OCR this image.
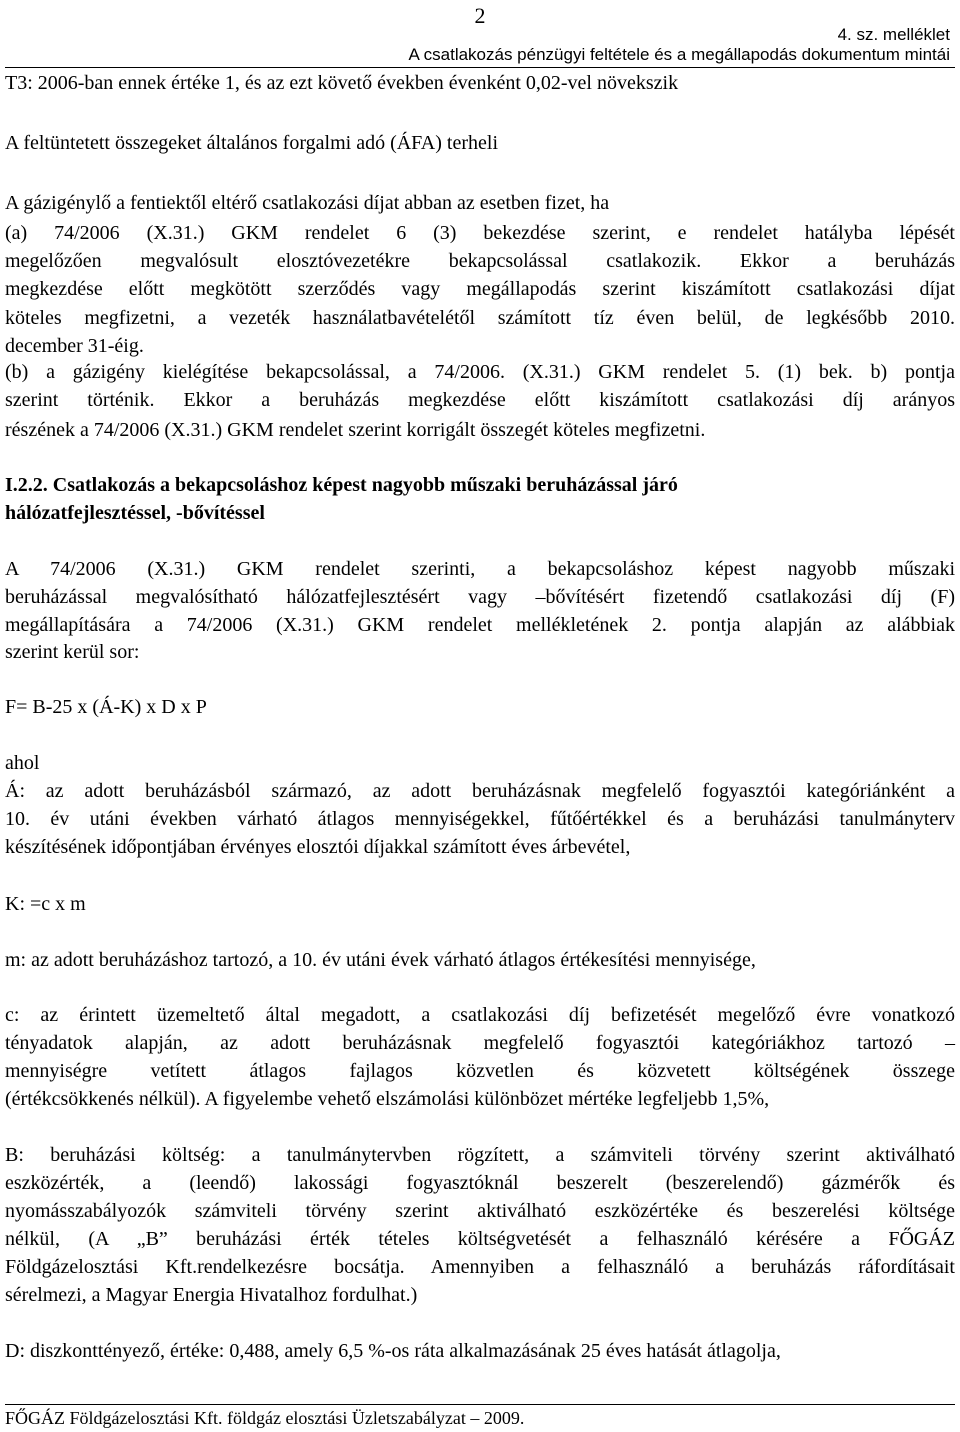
2
4. sz. melléklet
A csatlakozás pénzügyi feltétele és a megállapodás dokumentum mintái
T3: 2006-ban ennek értéke 1, és az ezt követő években évenként 0,02-vel növekszik
A feltüntetett összegeket általános forgalmi adó (ÁFA) terheli
A gázigénylő a fentiektől eltérő csatlakozási díjat abban az esetben fizet, ha
(a) 74/2006 (X.31.) GKM rendelet 6 (3) bekezdése szerint, e rendelet hatályba lépését
megelőzően megvalósult elosztóvezetékre bekapcsolással csatlakozik. Ekkor a beruházás
megkezdése előtt megkötött szerződés vagy megállapodás szerint kiszámított csatlakozási díjat
köteles megfizetni, a vezeték használatbavételétől számított tíz éven belül, de legkésőbb 2010.
december 31-éig.
(b) a gázigény kielégítése bekapcsolással, a 74/2006. (X.31.) GKM rendelet 5. (1) bek. b) pontja
szerint történik. Ekkor a beruházás megkezdése előtt kiszámított csatlakozási díj arányos
részének a 74/2006 (X.31.) GKM rendelet szerint korrigált összegét köteles megfizetni.
I.2.2. Csatlakozás a bekapcsoláshoz képest nagyobb műszaki beruházással járó
hálózatfejlesztéssel, -bővítéssel
A 74/2006 (X.31.) GKM rendelet szerinti, a bekapcsoláshoz képest nagyobb műszaki
beruházással megvalósítható hálózatfejlesztésért vagy –bővítésért fizetendő csatlakozási díj (F)
megállapítására a 74/2006 (X.31.) GKM rendelet mellékletének 2. pontja alapján az alábbiak
szerint kerül sor:
F= B-25 x (Á-K) x D x P
ahol
Á: az adott beruházásból származó, az adott beruházásnak megfelelő fogyasztói kategóriánként a
10. év utáni években várható átlagos mennyiségekkel, fűtőértékkel és a beruházási tanulmányterv
készítésének időpontjában érvényes elosztói díjakkal számított éves árbevétel,
K: =c x m
m: az adott beruházáshoz tartozó, a 10. év utáni évek várható átlagos értékesítési mennyisége,
c: az érintett üzemeltető által megadott, a csatlakozási díj befizetését megelőző évre vonatkozó
tényadatok alapján, az adott beruházásnak megfelelő fogyasztói kategóriákhoz tartozó –
mennyiségre vetített átlagos fajlagos közvetlen és közvetett költségének összege
(értékcsökkenés nélkül). A figyelembe vehető elszámolási különbözet mértéke legfeljebb 1,5%,
B: beruházási költség: a tanulmánytervben rögzített, a számviteli törvény szerint aktiválható
eszközérték, a (leendő) lakossági fogyasztóknál beszerelt (beszerelendő) gázmérők és
nyomásszabályozók számviteli törvény szerint aktiválható eszközértéke és beszerelési költsége
nélkül, (A „B” beruházási érték tételes költségvetését a felhasználó kérésére a FŐGÁZ
Földgázelosztási Kft.rendelkezésre bocsátja. Amennyiben a felhasználó a beruházás ráfordításait
sérelmezi, a Magyar Energia Hivatalhoz fordulhat.)
D: diszkonttényező, értéke: 0,488, amely 6,5 %-os ráta alkalmazásának 25 éves hatását átlagolja,
FŐGÁZ Földgázelosztási Kft. földgáz elosztási Üzletszabályzat – 2009.
